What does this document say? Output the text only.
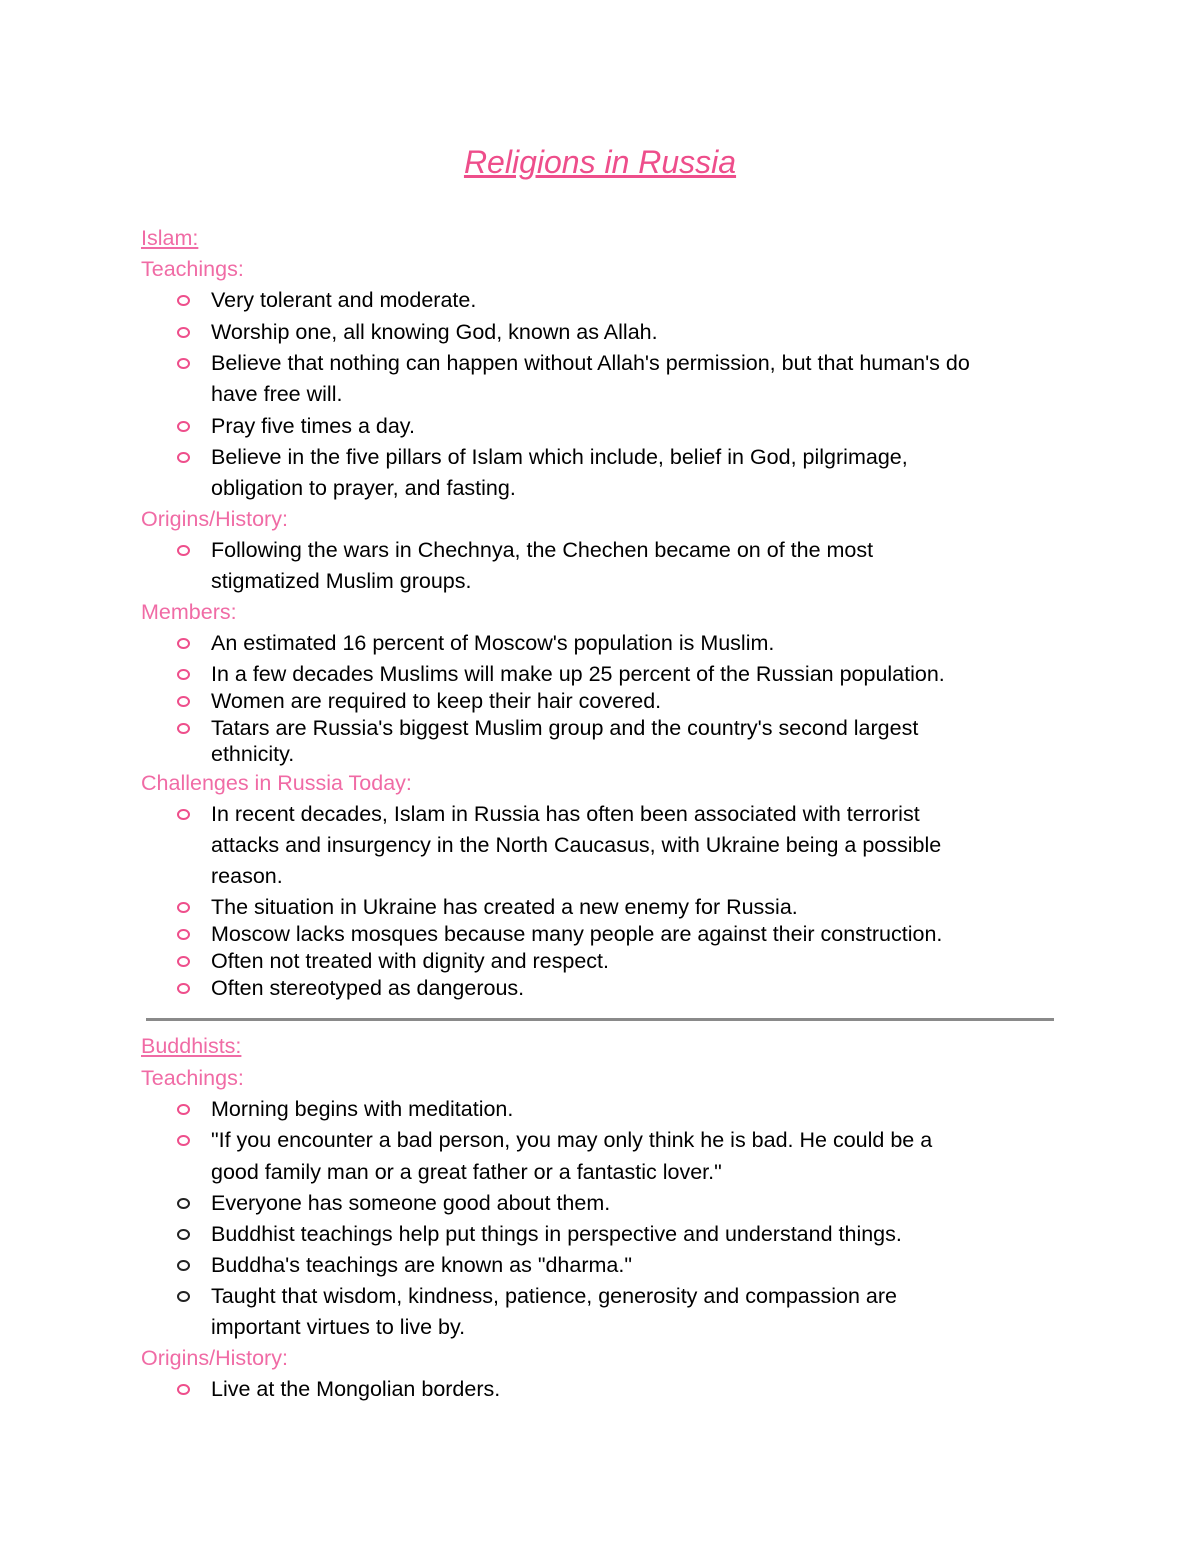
Religions in Russia
Islam:
Teachings:
Very tolerant and moderate.
Worship one, all knowing God, known as Allah.
Believe that nothing can happen without Allah's permission, but that human's do
have free will.
Pray five times a day.
Believe in the five pillars of Islam which include, belief in God, pilgrimage,
obligation to prayer, and fasting.
Origins/History:
Following the wars in Chechnya, the Chechen became on of the most
stigmatized Muslim groups.
Members:
An estimated 16 percent of Moscow's population is Muslim.
In a few decades Muslims will make up 25 percent of the Russian population.
Women are required to keep their hair covered.
Tatars are Russia's biggest Muslim group and the country's second largest
ethnicity.
Challenges in Russia Today:
In recent decades, Islam in Russia has often been associated with terrorist
attacks and insurgency in the North Caucasus, with Ukraine being a possible
reason.
The situation in Ukraine has created a new enemy for Russia.
Moscow lacks mosques because many people are against their construction.
Often not treated with dignity and respect.
Often stereotyped as dangerous.
Buddhists:
Teachings:
Morning begins with meditation.
"If you encounter a bad person, you may only think he is bad. He could be a
good family man or a great father or a fantastic lover."
Everyone has someone good about them.
Buddhist teachings help put things in perspective and understand things.
Buddha's teachings are known as "dharma."
Taught that wisdom, kindness, patience, generosity and compassion are
important virtues to live by.
Origins/History:
Live at the Mongolian borders.
